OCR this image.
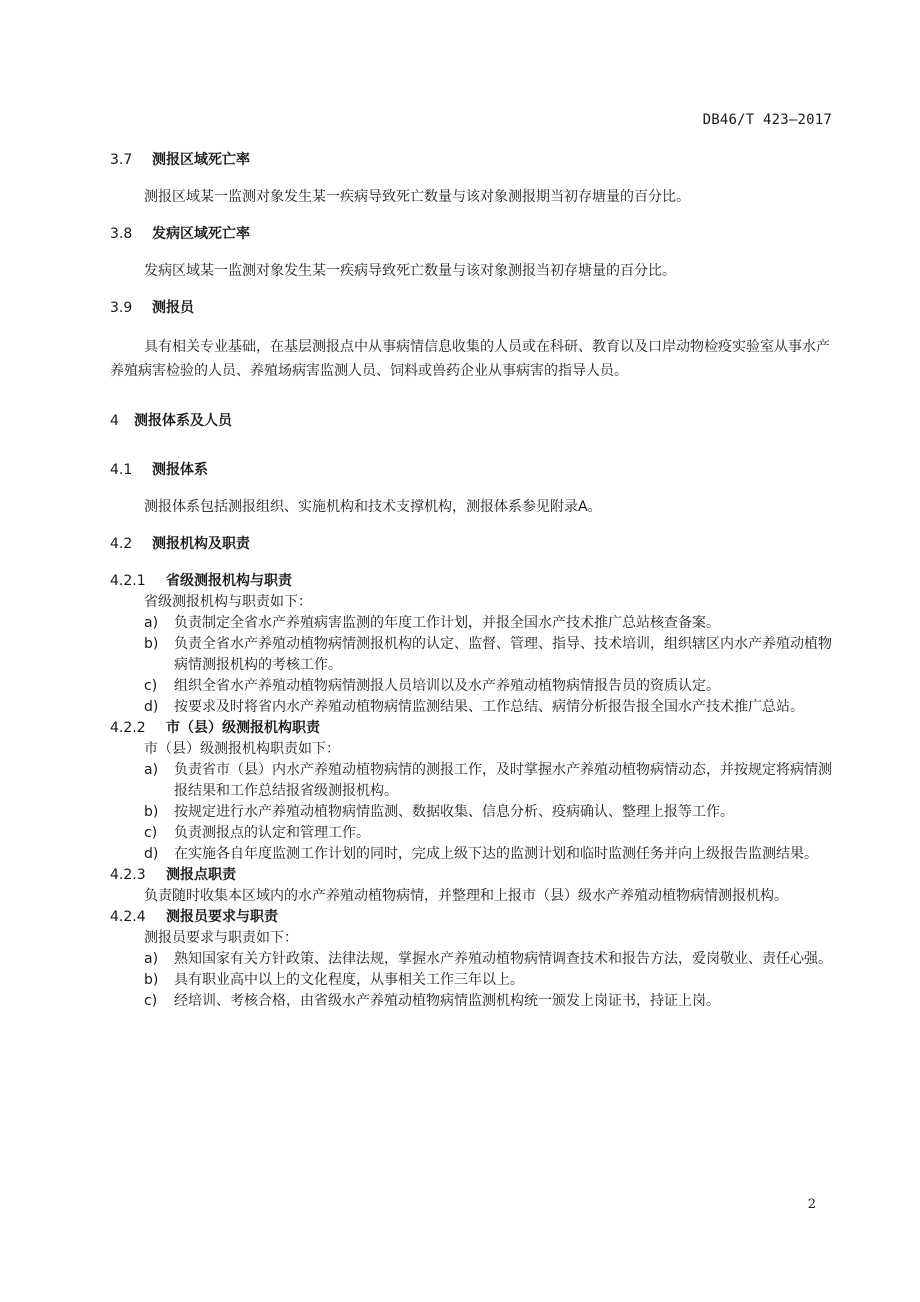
DB46/T 423—2017
3.7 测报区域死亡率
测报区域某一监测对象发生某一疾病导致死亡数量与该对象测报期当初存塘量的百分比。
3.8 发病区域死亡率
发病区域某一监测对象发生某一疾病导致死亡数量与该对象测报当初存塘量的百分比。
3.9 测报员
具有相关专业基础，在基层测报点中从事病情信息收集的人员或在科研、教育以及口岸动物检疫实验室从事水产养殖病害检验的人员、养殖场病害监测人员、饲料或兽药企业从事病害的指导人员。
4 测报体系及人员
4.1 测报体系
测报体系包括测报组织、实施机构和技术支撑机构，测报体系参见附录A。
4.2 测报机构及职责
4.2.1 省级测报机构与职责
省级测报机构与职责如下：
a) 负责制定全省水产养殖病害监测的年度工作计划，并报全国水产技术推广总站核查备案。
b) 负责全省水产养殖动植物病情测报机构的认定、监督、管理、指导、技术培训，组织辖区内水产养殖动植物病情测报机构的考核工作。
c) 组织全省水产养殖动植物病情测报人员培训以及水产养殖动植物病情报告员的资质认定。
d) 按要求及时将省内水产养殖动植物病情监测结果、工作总结、病情分析报告报全国水产技术推广总站。
4.2.2 市（县）级测报机构职责
市（县）级测报机构职责如下：
a) 负责省市（县）内水产养殖动植物病情的测报工作，及时掌握水产养殖动植物病情动态，并按规定将病情测报结果和工作总结报省级测报机构。
b) 按规定进行水产养殖动植物病情监测、数据收集、信息分析、疫病确认、整理上报等工作。
c) 负责测报点的认定和管理工作。
d) 在实施各自年度监测工作计划的同时，完成上级下达的监测计划和临时监测任务并向上级报告监测结果。
4.2.3 测报点职责
负责随时收集本区域内的水产养殖动植物病情，并整理和上报市（县）级水产养殖动植物病情测报机构。
4.2.4 测报员要求与职责
测报员要求与职责如下：
a) 熟知国家有关方针政策、法律法规，掌握水产养殖动植物病情调查技术和报告方法，爱岗敬业、责任心强。
b) 具有职业高中以上的文化程度，从事相关工作三年以上。
c) 经培训、考核合格，由省级水产养殖动植物病情监测机构统一颁发上岗证书，持证上岗。
2
